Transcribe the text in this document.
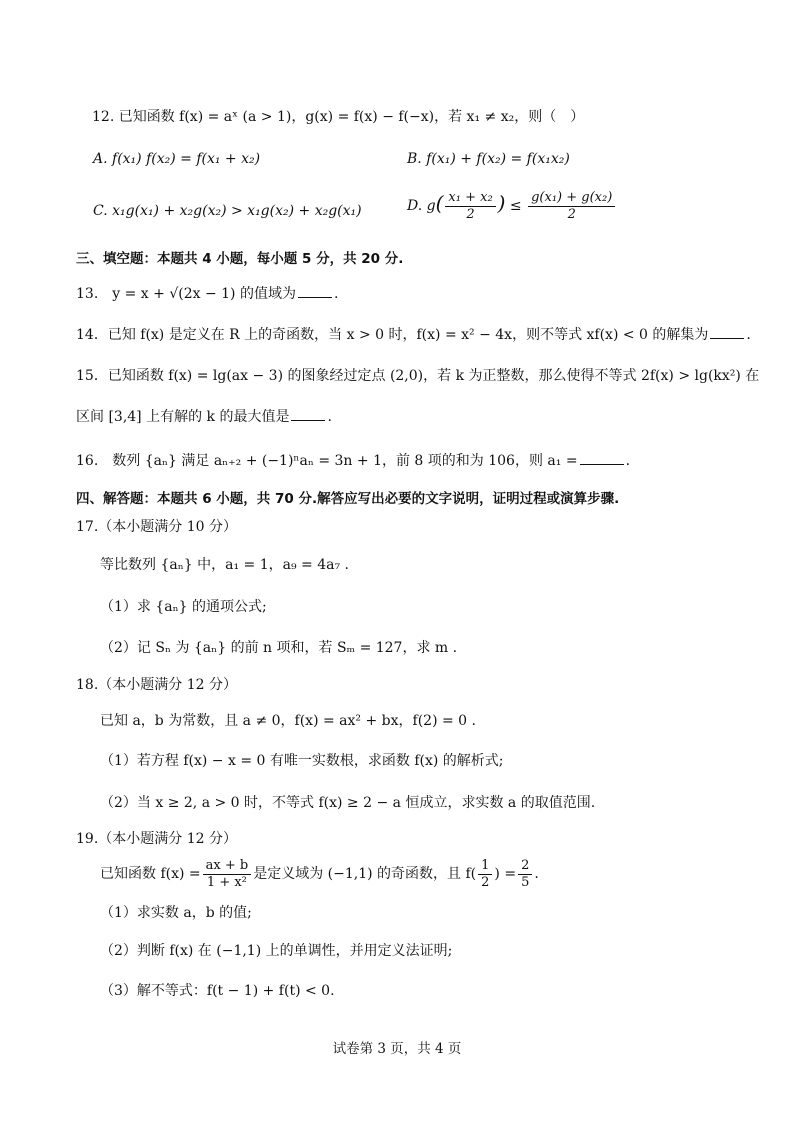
12. 已知函数 f(x) = aˣ (a > 1)，g(x) = f(x) − f(−x)，若 x₁ ≠ x₂，则（　）
A. f(x₁) f(x₂) = f(x₁ + x₂)	B. f(x₁) + f(x₂) = f(x₁x₂)
C. x₁g(x₁) + x₂g(x₂) > x₁g(x₂) + x₂g(x₁)	D. $g( \frac{\text{x₁ + x₂}}{2}$ ) ≤ $\frac{\text{g(x₁) + g(x₂)}}{2}$
三、填空题：本题共 4 小题，每小题 5 分，共 20 分.
13.　y = x + √(2x − 1) 的值域为	.
14．已知 f(x) 是定义在 R 上的奇函数，当 x > 0 时，f(x) = x² − 4x，则不等式 xf(x) < 0 的解集为	.
15．已知函数 f(x) = lg(ax − 3) 的图象经过定点 (2,0)，若 k 为正整数，那么使得不等式 2f(x) > lg(kx²) 在
区间 [3,4] 上有解的 k 的最大值是	.
16.　数列 {aₙ} 满足 aₙ₊₂ + (−1)ⁿaₙ = 3n + 1，前 8 项的和为 106，则 a₁ =	.
四、解答题：本题共 6 小题，共 70 分.解答应写出必要的文字说明，证明过程或演算步骤.
17.（本小题满分 10 分）
等比数列 {aₙ} 中，a₁ = 1，a₉ = 4a₇ .
（1）求 {aₙ} 的通项公式;
（2）记 Sₙ 为 {aₙ} 的前 n 项和，若 Sₘ = 127，求 m .
18.（本小题满分 12 分）
已知 a，b 为常数，且 a ≠ 0，f(x) = ax² + bx，f(2) = 0 .
（1）若方程 f(x) − x = 0 有唯一实数根，求函数 f(x) 的解析式;
（2）当 x ≥ 2, a > 0 时，不等式 f(x) ≥ 2 − a 恒成立，求实数 a 的取值范围.
19.（本小题满分 12 分）
已知函数 $f(x) = \frac{ax + b}{\text{1 + x²}}$ 是定义域为 (−1,1) 的奇函数，且 $f( \frac{1}{2}$ ) = $\frac{2}{5}$ .
（1）求实数 a，b 的值;
（2）判断 f(x) 在 (−1,1) 上的单调性，并用定义法证明;
（3）解不等式：f(t − 1) + f(t) < 0.
试卷第 3 页，共 4 页
